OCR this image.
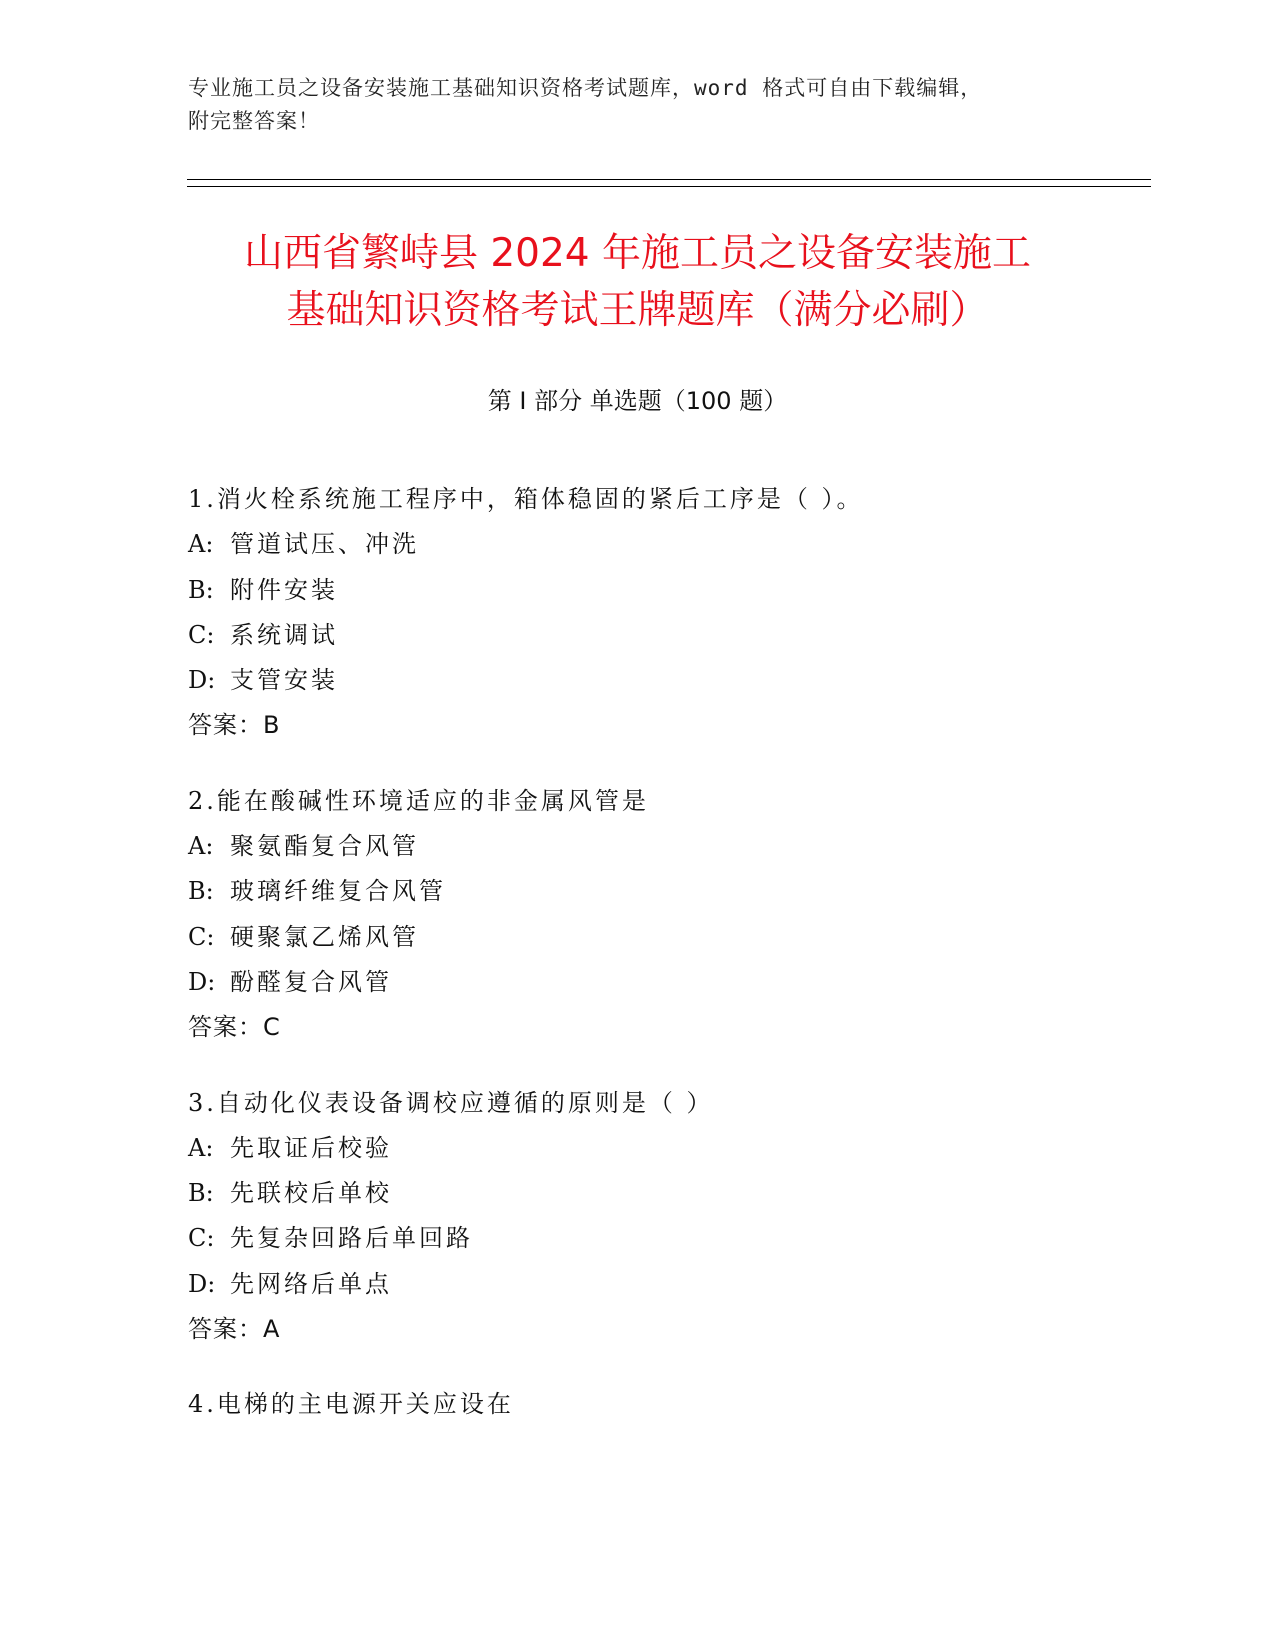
专业施工员之设备安装施工基础知识资格考试题库，word 格式可自由下载编辑，
附完整答案！
山西省繁峙县 2024 年施工员之设备安装施工
基础知识资格考试王牌题库（满分必刷）
第 I 部分 单选题（100 题）
1.消火栓系统施工程序中，箱体稳固的紧后工序是（ ）。
A: 管道试压、冲洗
B: 附件安装
C: 系统调试
D: 支管安装
答案：B
2.能在酸碱性环境适应的非金属风管是
A: 聚氨酯复合风管
B: 玻璃纤维复合风管
C: 硬聚氯乙烯风管
D: 酚醛复合风管
答案：C
3.自动化仪表设备调校应遵循的原则是（ ）
A: 先取证后校验
B: 先联校后单校
C: 先复杂回路后单回路
D: 先网络后单点
答案：A
4.电梯的主电源开关应设在
